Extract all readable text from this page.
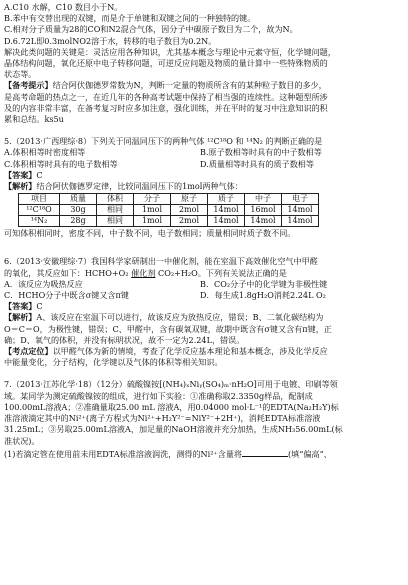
A.C10 水解，C10 数目小于N。
B.苯中有交替出现的双键，而是介于单键和双键之间的一种独特的键。
C.相对分子质量为28的CO和N2混合气体，因分子中碳原子数目为二个，故为N。
D.6.72L即0.3molNO2溶于水，转移的电子数目为0.2N。
解决此类问题的关键是：灵活应用各种知识，尤其基本概念与理论中元素守恒，化学键问题，
晶体结构问题，氧化还原中电子转移问题，可逆反应问题及物质的量计算中一些特殊物质的
状态等。
【备考提示】结合阿伏伽德罗常数为N，判断一定量的物质所含有的某种粒子数目的多少，
是高考命题的热点之一，在近几年的各种高考试题中保持了相当强的连续性。这种题型所涉
及的内容非常丰富，在备考复习时应多加注意，强化训练，并在平时的复习中注意知识的积
累和总结。ks5u
5.（2013·广西理综·8）下列关于同温同压下的两种气体 ¹²C¹⁸O 和 ¹⁴N₂ 的判断正确的是
A.体积相等时密度相等	B.原子数相等时具有的中子数相等
C.体积相等时具有的电子数相等	D.质量相等时具有的质子数相等
【答案】C
【解析】结合阿伏伽德罗定律，比较同温同压下的1mol两种气体：
项目	质量	体积	分子	原子	质子	中子	电子
¹²C¹⁸O	30g	相同	1mol	2mol	14mol	16mol	14mol
¹⁴N₂	28g	相同	1mol	2mol	14mol	14mol	14mol
可知体积相同时，密度不同，中子数不同，电子数相同；质量相同时质子数不同。
6.（2013·安徽理综·7）我国科学家研制出一中催化剂，能在室温下高效催化空气中甲醛
的氧化，其反应如下：HCHO+O₂ 催化剂 CO₂+H₂O。下列有关说法正确的是
A．该反应为吸热反应	B．CO₂分子中的化学键为非极性键
C．HCHO分子中既含σ键又含π键	D．每生成1.8gH₂O消耗2.24L O₂
【答案】C
【解析】A、该反应在室温下可以进行，故该反应为放热反应，错误；B、二氧化碳结构为
O＝C＝O，为极性键，错误；C、甲醛中，含有碳氧双键，故期中既含有σ键又含有π键，正
确；D、氧气的体积，并没有标明状况，故不一定为2.24L，错误。
【考点定位】以甲醛气体为新的情境，考查了化学反应基本理论和基本概念，涉及化学反应
中能量变化，分子结构，化学键以及气体的体积等相关知识。
7.（2013·江苏化学·18）（12分）硫酸镍铵[(NH₄)ₓNiᵧ(SO₄)ₘ·nH₂O]可用于电镀、印刷等领
域。某同学为测定硫酸镍铵的组成，进行如下实验：①准确称取2.3350g样品，配制成
100.00mL溶液A；②准确量取25.00 mL 溶液A，用0.04000 mol·L⁻¹的EDTA(Na₂H₂Y)标
准溶液滴定其中的Ni²⁺(离子方程式为Ni²⁺+H₂Y²⁻=NiY²⁻+2H⁺)，消耗EDTA标准溶液
31.25mL；③另取25.00mL溶液A，加足量的NaOH溶液并充分加热，生成NH₃56.00mL(标
准状况)。
(1)若滴定管在使用前未用EDTA标准溶液润洗，测得的Ni²⁺含量将	(填“偏高”、
